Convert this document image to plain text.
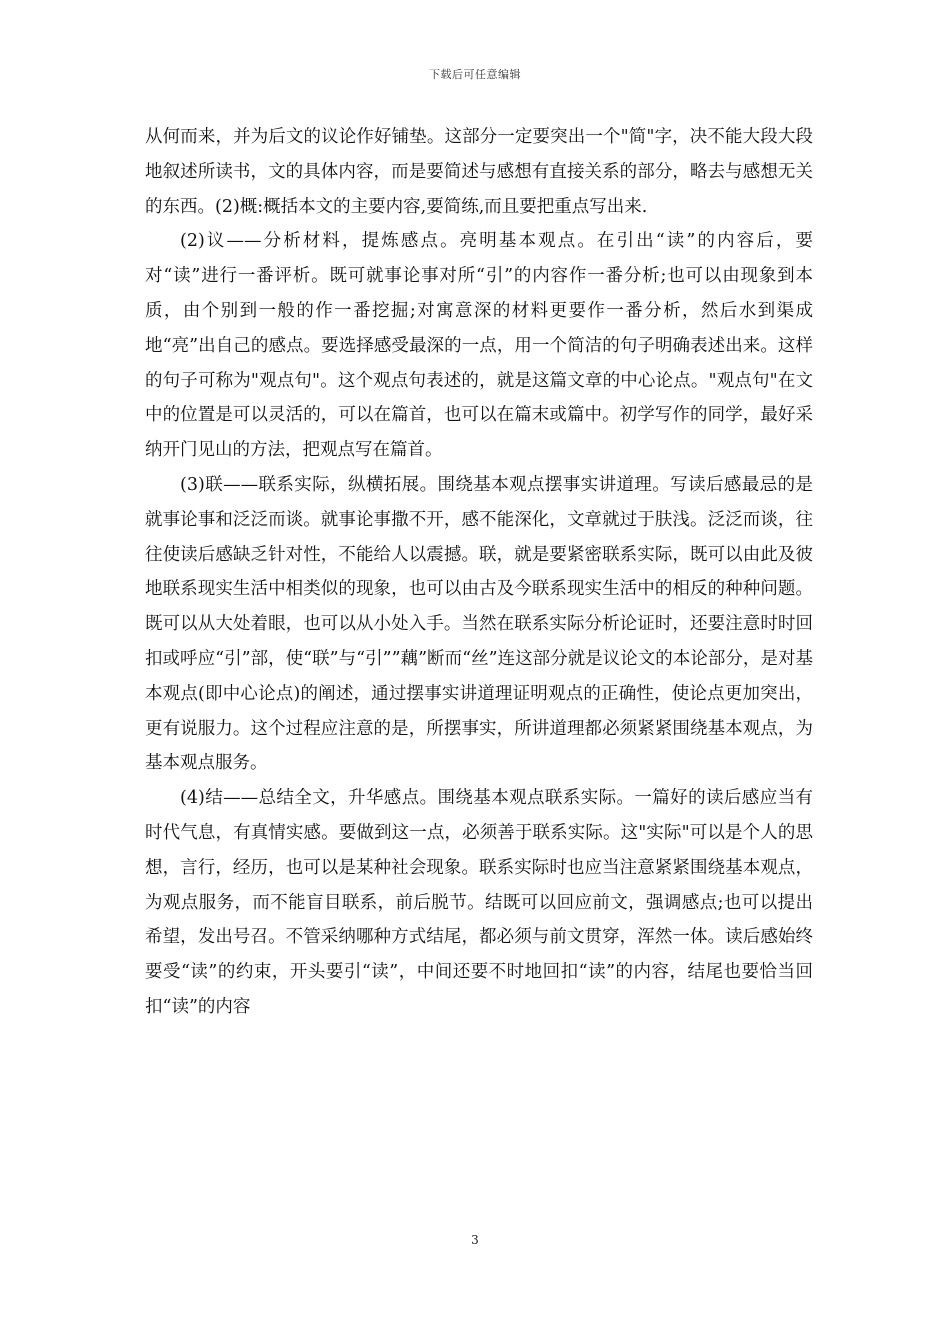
下载后可任意编辑

从何而来，并为后文的议论作好铺垫。这部分一定要突出一个"简"字，决不能大段大段地叙述所读书，文的具体内容，而是要简述与感想有直接关系的部分，略去与感想无关的东西。(2)概:概括本文的主要内容,要简练,而且要把重点写出来.

(2)议——分析材料，提炼感点。亮明基本观点。在引出“读”的内容后，要对“读”进行一番评析。既可就事论事对所“引”的内容作一番分析;也可以由现象到本质，由个别到一般的作一番挖掘;对寓意深的材料更要作一番分析，然后水到渠成地“亮”出自己的感点。要选择感受最深的一点，用一个简洁的句子明确表述出来。这样的句子可称为"观点句"。这个观点句表述的，就是这篇文章的中心论点。"观点句"在文中的位置是可以灵活的，可以在篇首，也可以在篇末或篇中。初学写作的同学，最好采纳开门见山的方法，把观点写在篇首。

(3)联——联系实际，纵横拓展。围绕基本观点摆事实讲道理。写读后感最忌的是就事论事和泛泛而谈。就事论事撒不开，感不能深化，文章就过于肤浅。泛泛而谈，往往使读后感缺乏针对性，不能给人以震撼。联，就是要紧密联系实际，既可以由此及彼地联系现实生活中相类似的现象，也可以由古及今联系现实生活中的相反的种种问题。既可以从大处着眼，也可以从小处入手。当然在联系实际分析论证时，还要注意时时回扣或呼应“引”部，使“联”与“引””藕”断而“丝”连这部分就是议论文的本论部分，是对基本观点(即中心论点)的阐述，通过摆事实讲道理证明观点的正确性，使论点更加突出，更有说服力。这个过程应注意的是，所摆事实，所讲道理都必须紧紧围绕基本观点，为基本观点服务。

(4)结——总结全文，升华感点。围绕基本观点联系实际。一篇好的读后感应当有时代气息，有真情实感。要做到这一点，必须善于联系实际。这"实际"可以是个人的思想，言行，经历，也可以是某种社会现象。联系实际时也应当注意紧紧围绕基本观点，为观点服务，而不能盲目联系，前后脱节。结既可以回应前文，强调感点;也可以提出希望，发出号召。不管采纳哪种方式结尾，都必须与前文贯穿，浑然一体。读后感始终要受“读”的约束，开头要引“读”，中间还要不时地回扣“读”的内容，结尾也要恰当回扣“读”的内容

3
